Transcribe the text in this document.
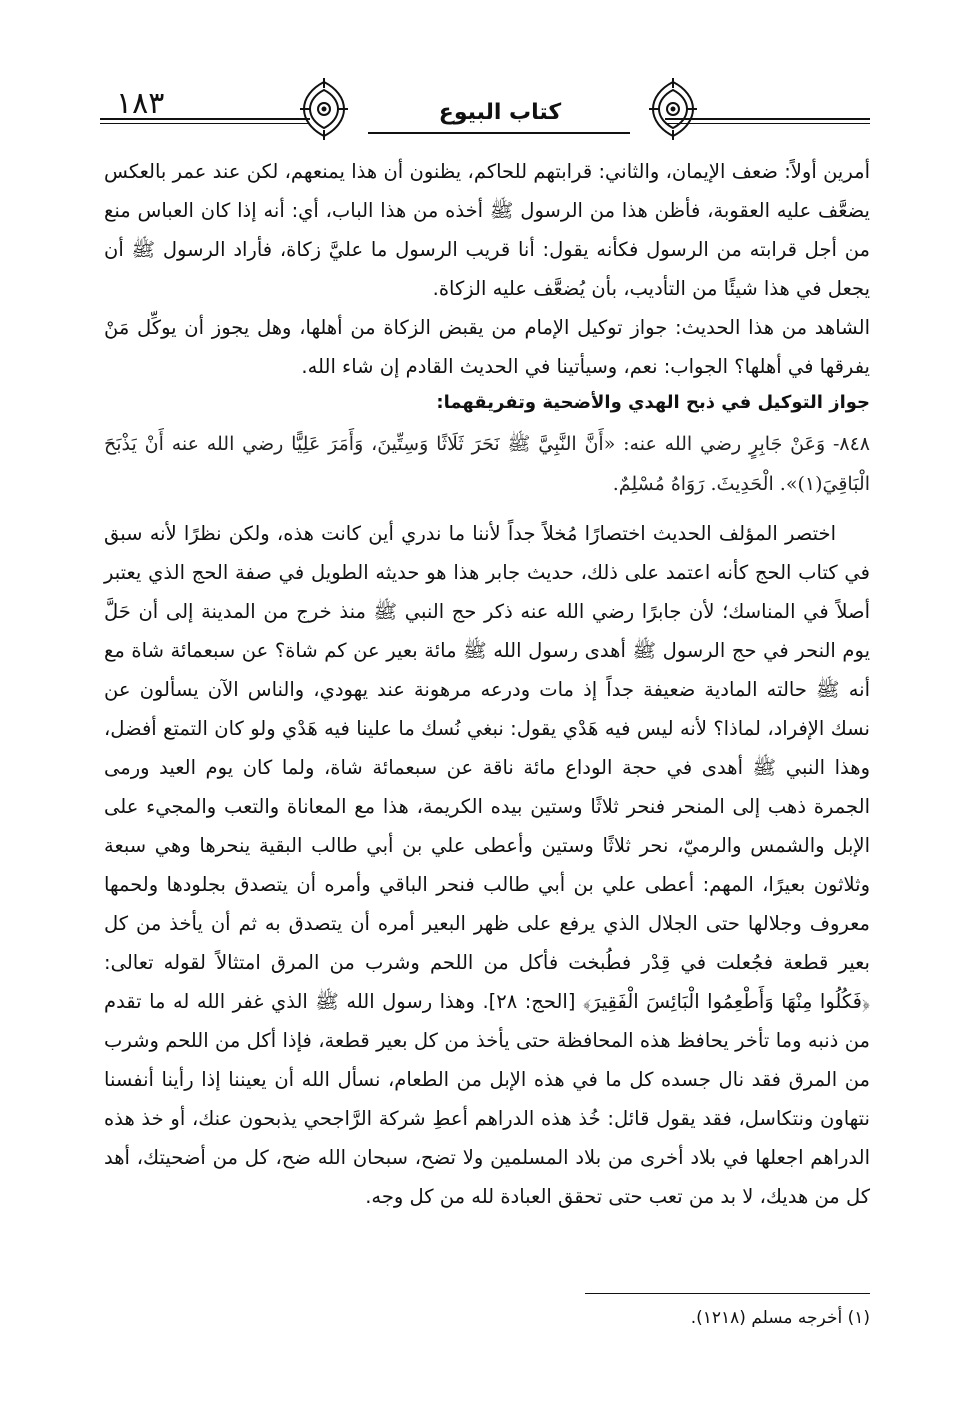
١٨٣	كتاب البيوع

أمرين أولاً: ضعف الإيمان، والثاني: قرابتهم للحاكم، يظنون أن هذا يمنعهم، لكن عند عمر بالعكس يضعَّف عليه العقوبة، فأظن هذا من الرسول ﷺ أخذه من هذا الباب، أي: أنه إذا كان العباس منع من أجل قرابته من الرسول فكأنه يقول: أنا قريب الرسول ما عليَّ زكاة، فأراد الرسول ﷺ أن يجعل في هذا شيئًا من التأديب، بأن يُضعَّف عليه الزكاة.

الشاهد من هذا الحديث: جواز توكيل الإمام من يقبض الزكاة من أهلها، وهل يجوز أن يوكِّل مَنْ يفرقها في أهلها؟ الجواب: نعم، وسيأتينا في الحديث القادم إن شاء الله.

جواز التوكيل في ذبح الهدي والأضحية وتفريقهما:

٨٤٨- وَعَنْ جَابِرٍ رضي الله عنه: «أَنَّ النَّبِيَّ ﷺ نَحَرَ ثَلَاثًا وَسِتِّينَ، وَأَمَرَ عَلِيًّا رضي الله عنه أَنْ يَذْبَحَ الْبَاقِيَ(١)». الْحَدِيثَ. رَوَاهُ مُسْلِمٌ.

اختصر المؤلف الحديث اختصارًا مُخلاً جداً لأننا ما ندري أين كانت هذه، ولكن نظرًا لأنه سبق في كتاب الحج كأنه اعتمد على ذلك، حديث جابر هذا هو حديثه الطويل في صفة الحج الذي يعتبر أصلاً في المناسك؛ لأن جابرًا رضي الله عنه ذكر حج النبي ﷺ منذ خرج من المدينة إلى أن حَلَّ يوم النحر في حج الرسول ﷺ أهدى رسول الله ﷺ مائة بعير عن كم شاة؟ عن سبعمائة شاة مع أنه ﷺ حالته المادية ضعيفة جداً إذ مات ودرعه مرهونة عند يهودي، والناس الآن يسألون عن نسك الإفراد، لماذا؟ لأنه ليس فيه هَدْي يقول: نبغي نُسك ما علينا فيه هَدْي ولو كان التمتع أفضل، وهذا النبي ﷺ أهدى في حجة الوداع مائة ناقة عن سبعمائة شاة، ولما كان يوم العيد ورمى الجمرة ذهب إلى المنحر فنحر ثلاثًا وستين بيده الكريمة، هذا مع المعاناة والتعب والمجيء على الإبل والشمس والرميّ، نحر ثلاثًا وستين وأعطى علي بن أبي طالب البقية ينحرها وهي سبعة وثلاثون بعيرًا، المهم: أعطى علي بن أبي طالب فنحر الباقي وأمره أن يتصدق بجلودها ولحمها معروف وجلالها حتى الجلال الذي يرفع على ظهر البعير أمره أن يتصدق به ثم أن يأخذ من كل بعير قطعة فجُعلت في قِدْر فطُبخت فأكل من اللحم وشرب من المرق امتثالاً لقوله تعالى: ﴿فَكُلُوا مِنْهَا وَأَطْعِمُوا الْبَائِسَ الْفَقِيرَ﴾ [الحج: ٢٨]. وهذا رسول الله ﷺ الذي غفر الله له ما تقدم من ذنبه وما تأخر يحافظ هذه المحافظة حتى يأخذ من كل بعير قطعة، فإذا أكل من اللحم وشرب من المرق فقد نال جسده كل ما في هذه الإبل من الطعام، نسأل الله أن يعيننا إذا رأينا أنفسنا نتهاون ونتكاسل، فقد يقول قائل: خُذ هذه الدراهم أعطِ شركة الرَّاجحي يذبحون عنك، أو خذ هذه الدراهم اجعلها في بلاد أخرى من بلاد المسلمين ولا تضح، سبحان الله ضح، كل من أضحيتك، أهد كل من هديك، لا بد من تعب حتى تحقق العبادة لله من كل وجه.

(١) أخرجه مسلم (١٢١٨).
